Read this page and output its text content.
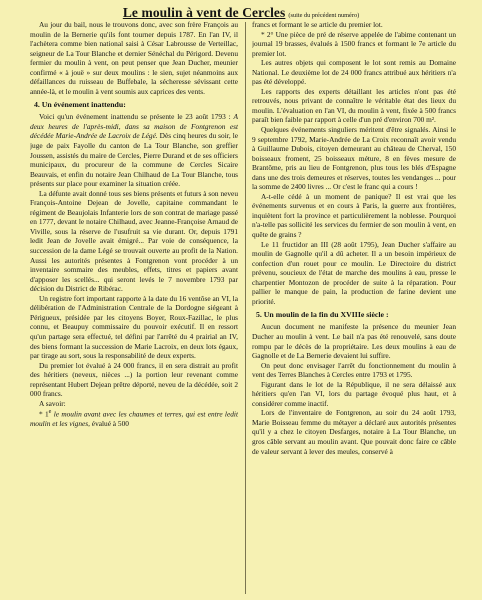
Le moulin à vent de Cercles (suite du précédent numéro)

Au jour du bail, nous le trouvons donc, avec son frère François au moulin de la Bernerie qu'ils font tourner depuis 1787. En l'an IV, il l'achètera comme bien national saisi à César Labrousse de Verteillac, seigneur de La Tour Blanche et dernier Sénéchal du Périgord. Devenu fermier du moulin à vent, on peut penser que Jean Ducher, meunier confirmé « à jouë » sur deux moulins : le sien, sujet néanmoins aux défaillances du ruisseau de Buffebale, la sécheresse sévissant cette année-là, et le moulin à vent soumis aux caprices des vents.

4. Un événement inattendu:

Voici qu'un événement inattendu se présente le 23 août 1793 : A deux heures de l'après-midi, dans sa maison de Fontgrenon est décédée Marie-Andrée de Lacroix de Légé. Dès cinq heures du soir, le juge de paix Fayolle du canton de La Tour Blanche, son greffier Joussen, assistés du maire de Cercles, Pierre Durand et de ses officiers municipaux, du procureur de la commune de Cercles Sicaire Beauvais, et enfin du notaire Jean Chilhaud de La Tour Blanche, tous présents sur place pour examiner la situation créée.

La défunte avait donné tous ses biens présents et futurs à son neveu François-Antoine Dejean de Jovelle, capitaine commandant le régiment de Beaujolais Infanterie lors de son contrat de mariage passé en 1777, devant le notaire Chilhaud, avec Jeanne-Françoise Arnaud de Viville, sous la réserve de l'usufruit sa vie durant. Or, depuis 1791 ledit Jean de Jovelle avait émigré... Par voie de conséquence, la succession de la dame Légé se trouvait ouverte au profit de la Nation. Aussi les autorités présentes à Fontgrenon vont procéder à un inventaire sommaire des meubles, effets, titres et papiers avant d'apposer les scellés... qui seront levés le 7 novembre 1793 par décision du District de Ribérac.

Un registre fort important rapporte à la date du 16 ventôse an VI, la délibération de l'Administration Centrale de la Dordogne siégeant à Périgueux, présidée par les citoyens Boyer, Roux-Fazillac, le plus connu, et Beaupuy commissaire du pouvoir exécutif. Il en ressort qu'un partage sera effectué, tel défini par l'arrêté du 4 prairial an IV, des biens formant la succession de Marie Lacroix, en deux lots égaux, par tirage au sort, sous la responsabilité de deux experts.

Du premier lot évalué à 24 000 francs, il en sera distrait au profit des héritiers (neveux, nièces ...) la portion leur revenant comme représentant Hubert Dejean prêtre déporté, neveu de la décédée, soit 2 000 francs.

A savoir:

* 1e le moulin avant avec les chaumes et terres, qui est entre ledit moulin et les vignes, évalué à 500

francs et formant le se article du premier lot.

* 2° Une pièce de pré de réserve appelée de l'abime contenant un journal 19 brasses, évalués à 1500 francs et formant le 7e article du premier lot.

Les autres objets qui composent le lot sont remis au Domaine National. Le deuxième lot de 24 000 francs attribué aux héritiers n'a pas été développé.

Les rapports des experts détaillant les articles n'ont pas été retrouvés, nous privant de connaître le véritable état des lieux du moulin. L'évaluation en l'an VI, du moulin à vent, fixée à 500 francs paraît bien faible par rapport à celle d'un pré d'environ 700 m².

Quelques événements singuliers méritent d'être signalés. Ainsi le 9 septembre 1792, Marie-Andrée de La Croix reconnaît avoir vendu à Guillaume Dubois, citoyen demeurant au château de Cherval, 150 boisseaux froment, 25 boisseaux méture, 8 en fèves mesure de Brantôme, pris au lieu de Fontgrenon, plus tous les blés d'Espagne dans une des trois demeures et réserves, toutes les vendanges ... pour la somme de 2400 livres ... Or c'est le franc qui a cours !

A-t-elle cédé à un moment de panique? Il est vrai que les événements survenus et en cours à Paris, la guerre aux frontières, inquiètent fort la province et particulièrement la noblesse. Pourquoi n'a-telle pas sollicité les services du fermier de son moulin à vent, en quête de grains ?

Le 11 fructidor an III (28 août 1795), Jean Ducher s'affaire au moulin de Gagnolle qu'il a dû acheter. Il a un besoin impérieux de confection d'un rouet pour ce moulin. Le Directoire du district prévenu, soucieux de l'état de marche des moulins à eau, presse le charpentier Montozon de procéder de suite à la réparation. Pour pallier le manque de pain, la production de farine devient une priorité.

5. Un moulin de la fin du XVIIIe siècle :

Aucun document ne manifeste la présence du meunier Jean Ducher au moulin à vent. Le bail n'a pas été renouvelé, sans doute rompu par le décès de la propriétaire. Les deux moulins à eau de Gagnolle et de La Bernerie devaient lui suffire.

On peut donc envisager l'arrêt du fonctionnement du moulin à vent des Terres Blanches à Cercles entre 1793 et 1795.

Figurant dans le lot de la République, il ne sera délaissé aux héritiers qu'en l'an VI, lors du partage évoqué plus haut, et à considérer comme inactif.

Lors de l'inventaire de Fontgrenon, au soir du 24 août 1793, Marie Boisseau femme du métayer a déclaré aux autorités présentes qu'il y a chez le citoyen Desfarges, notaire à La Tour Blanche, un gros câble servant au moulin avant. Que pouvait donc faire ce câble de valeur servant à lever des meules, conservé à
